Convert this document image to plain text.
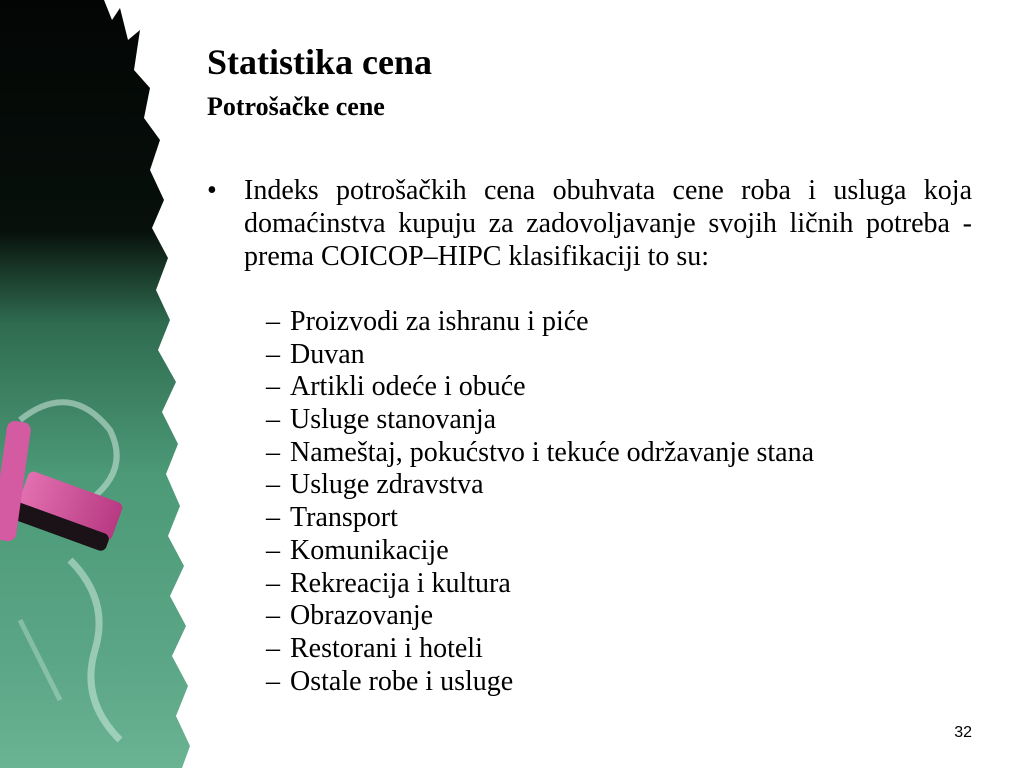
Statistika cena
Potrošačke cene
• Indeks potrošačkih cena obuhvata cene roba i usluga koja domaćinstva kupuju za zadovoljavanje svojih ličnih potreba - prema COICOP–HIPC klasifikaciji to su:
– Proizvodi za ishranu i piće
– Duvan
– Artikli odeće i obuće
– Usluge stanovanja
– Nameštaj, pokućstvo i tekuće održavanje stana
– Usluge zdravstva
– Transport
– Komunikacije
– Rekreacija i kultura
– Obrazovanje
– Restorani i hoteli
– Ostale robe i usluge
32
